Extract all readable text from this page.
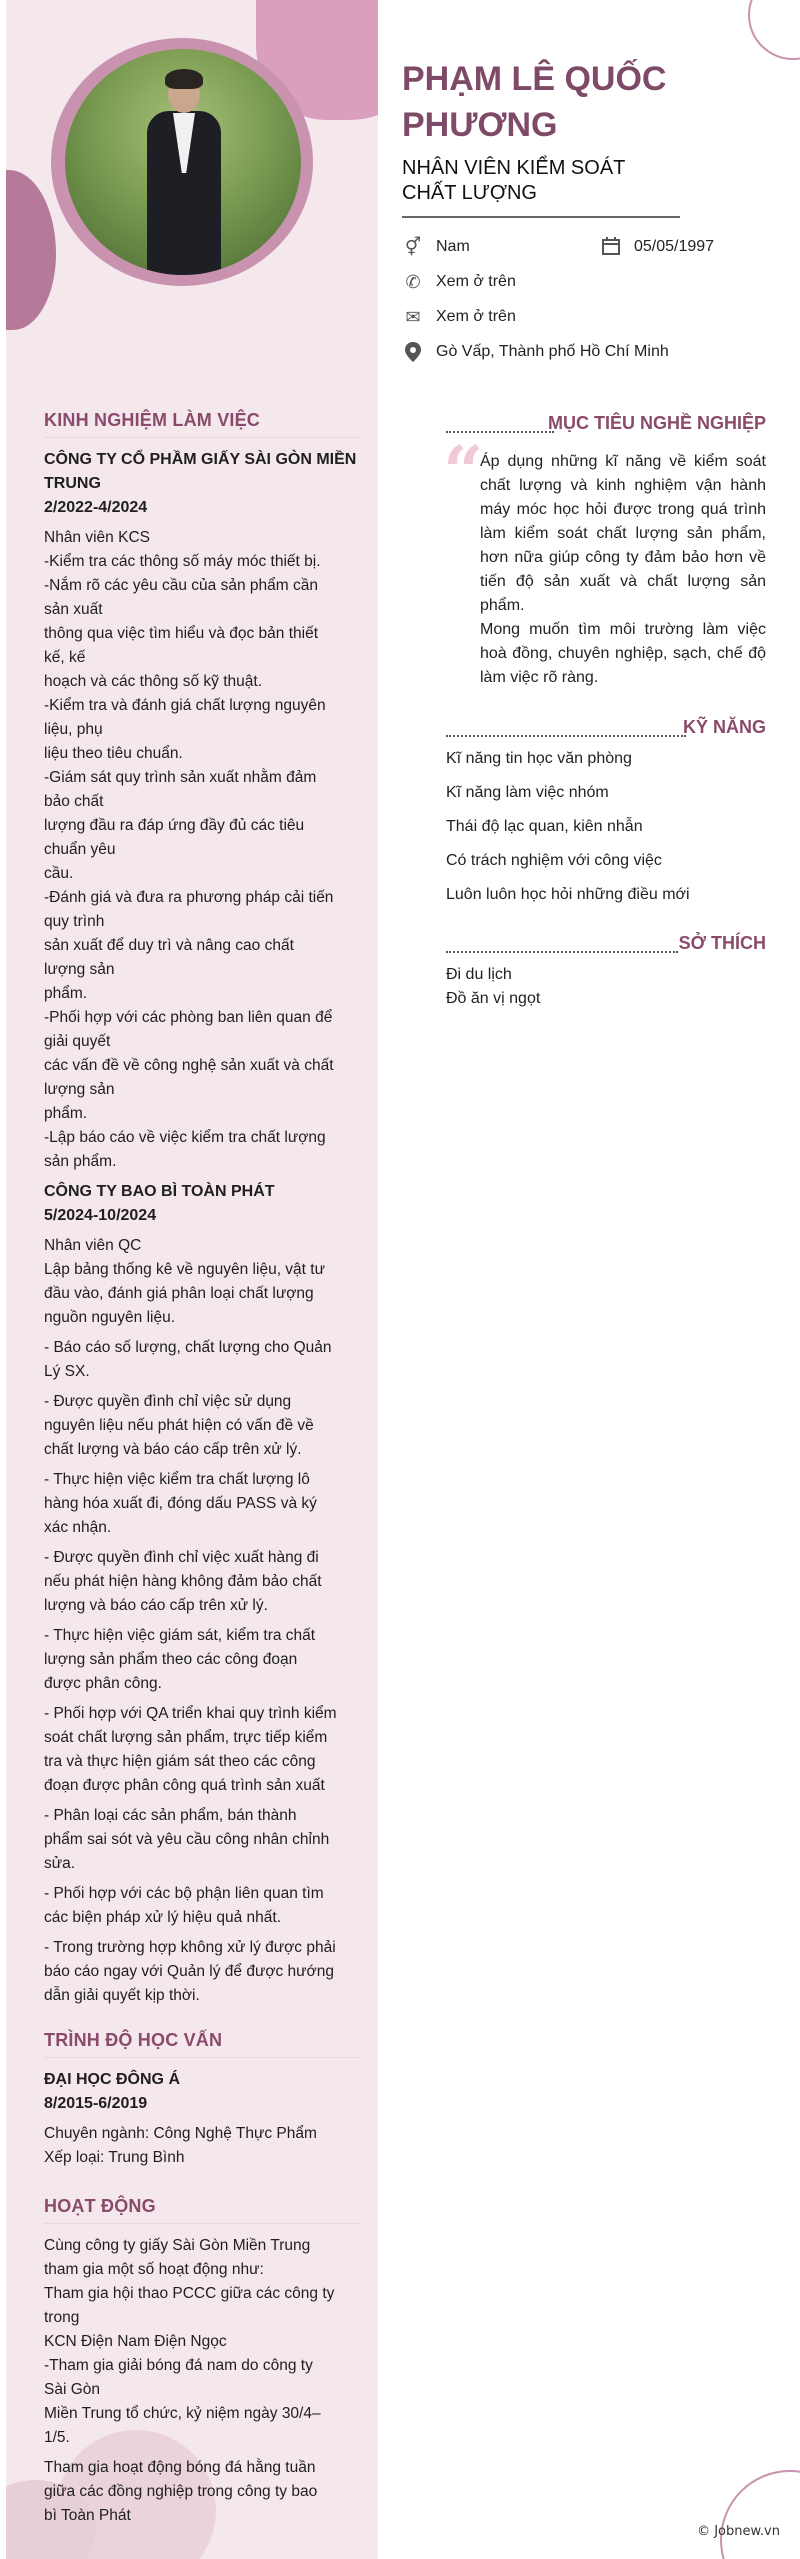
KINH NGHIỆM LÀM VIỆC
CÔNG TY CỔ PHẦM GIẤY SÀI GÒN MIỀN
TRUNG
2/2022-4/2024
Nhân viên KCS
-Kiểm tra các thông số máy móc thiết bị.
-Nắm rõ các yêu cầu của sản phẩm cần
sản xuất
thông qua việc tìm hiểu và đọc bản thiết
kế, kế
hoạch và các thông số kỹ thuật.
-Kiểm tra và đánh giá chất lượng nguyên
liệu, phụ
liệu theo tiêu chuẩn.
-Giám sát quy trình sản xuất nhằm đảm
bảo chất
lượng đầu ra đáp ứng đầy đủ các tiêu
chuẩn yêu
cầu.
-Đánh giá và đưa ra phương pháp cải tiến
quy trình
sản xuất để duy trì và nâng cao chất
lượng sản
phẩm.
-Phối hợp với các phòng ban liên quan để
giải quyết
các vấn đề về công nghệ sản xuất và chất
lượng sản
phẩm.
-Lập báo cáo về việc kiểm tra chất lượng
sản phẩm.
CÔNG TY BAO BÌ TOÀN PHÁT
5/2024-10/2024
Nhân viên QC
Lập bảng thống kê về nguyên liệu, vật tư
đầu vào, đánh giá phân loại chất lượng
nguồn nguyên liệu.
- Báo cáo số lượng, chất lượng cho Quản
Lý SX.
- Được quyền đình chỉ việc sử dụng
nguyên liệu nếu phát hiện có vấn đề về
chất lượng và báo cáo cấp trên xử lý.
- Thực hiện việc kiểm tra chất lượng lô
hàng hóa xuất đi, đóng dấu PASS và ký
xác nhận.
- Được quyền đình chỉ việc xuất hàng đi
nếu phát hiện hàng không đảm bảo chất
lượng và báo cáo cấp trên xử lý.
- Thực hiện việc giám sát, kiểm tra chất
lượng sản phẩm theo các công đoạn
được phân công.
- Phối hợp với QA triển khai quy trình kiểm
soát chất lượng sản phẩm, trực tiếp kiểm
tra và thực hiện giám sát theo các công
đoạn được phân công quá trình sản xuất
- Phân loại các sản phẩm, bán thành
phẩm sai sót và yêu cầu công nhân chỉnh
sửa.
- Phối hợp với các bộ phận liên quan tìm
các biện pháp xử lý hiệu quả nhất.
- Trong trường hợp không xử lý được phải
báo cáo ngay với Quản lý để được hướng
dẫn giải quyết kịp thời.
TRÌNH ĐỘ HỌC VẤN
ĐẠI HỌC ĐÔNG Á
8/2015-6/2019
Chuyên ngành: Công Nghệ Thực Phẩm
Xếp loại: Trung Bình
HOẠT ĐỘNG
Cùng công ty giấy Sài Gòn Miền Trung
tham gia một số hoạt động như:
Tham gia hội thao PCCC giữa các công ty
trong
KCN Điện Nam Điện Ngọc
-Tham gia giải bóng đá nam do công ty
Sài Gòn
Miền Trung tổ chức, kỷ niệm ngày 30/4–
1/5.
Tham gia hoạt động bóng đá hằng tuần
giữa các đồng nghiệp trong công ty bao
bì Toàn Phát
PHẠM LÊ QUỐC
PHƯƠNG
NHÂN VIÊN KIỂM SOÁT
CHẤT LƯỢNG
⚥ Nam	05/05/1997
✆ Xem ở trên
✉ Xem ở trên
Gò Vấp, Thành phố Hồ Chí Minh
MỤC TIÊU NGHỀ NGHIỆP
“
Áp dụng những kĩ năng về kiểm soát chất lượng và kinh nghiệm vận hành máy móc học hỏi được trong quá trình làm kiểm soát chất lượng sản phẩm, hơn nữa giúp công ty đảm bảo hơn về tiến độ sản xuất và chất lượng sản phẩm.
Mong muốn tìm môi trường làm việc hoà đồng, chuyên nghiệp, sạch, chế độ làm việc rõ ràng.
KỸ NĂNG
Kĩ năng tin học văn phòng
Kĩ năng làm việc nhóm
Thái độ lạc quan, kiên nhẫn
Có trách nghiệm với công việc
Luôn luôn học hỏi những điều mới
SỞ THÍCH
Đi du lịch
Đồ ăn vị ngọt
© Jobnew.vn
